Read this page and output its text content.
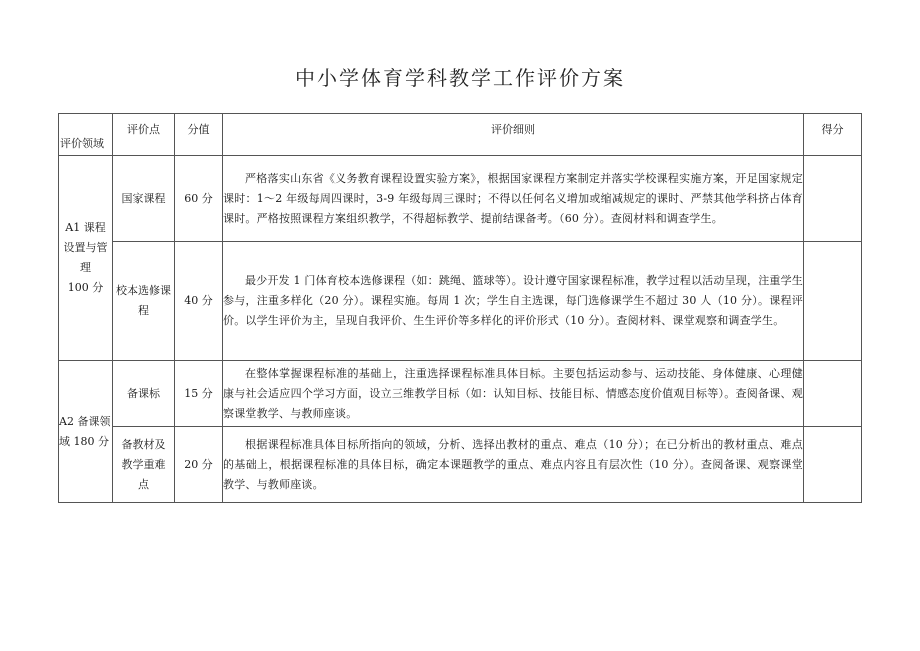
中小学体育学科教学工作评价方案
评价领域	评价点	分值	评价细则	得分

A1 课程
设置与管
理
100 分	国家课程	60 分	严格落实山东省《义务教育课程设置实验方案》，根据国家课程方案制定并落实学校课程实施方案，开足国家规定课时：1～2 年级每周四课时，3-9 年级每周三课时；不得以任何名义增加或缩减规定的课时、严禁其他学科挤占体育课时。严格按照课程方案组织教学，不得超标教学、提前结课备考。（60 分）。查阅材料和调查学生。	

	校本选修课
程	40 分	最少开发 1 门体育校本选修课程（如：跳绳、篮球等）。设计遵守国家课程标准，教学过程以活动呈现，注重学生参与，注重多样化（20 分）。课程实施。每周 1 次；学生自主选课，每门选修课学生不超过 30 人（10 分）。课程评价。以学生评价为主，呈现自我评价、生生评价等多样化的评价形式（10 分）。查阅材料、课堂观察和调查学生。	

A2 备课领
域 180 分	备课标	15 分	在整体掌握课程标准的基础上，注重选择课程标准具体目标。主要包括运动参与、运动技能、身体健康、心理健康与社会适应四个学习方面，设立三维教学目标（如：认知目标、技能目标、情感态度价值观目标等）。查阅备课、观察课堂教学、与教师座谈。	

	备教材及
教学重难
点	20 分	根据课程标准具体目标所指向的领域，分析、选择出教材的重点、难点（10 分）；在已分析出的教材重点、难点的基础上，根据课程标准的具体目标，确定本课题教学的重点、难点内容且有层次性（10 分）。查阅备课、观察课堂教学、与教师座谈。	
